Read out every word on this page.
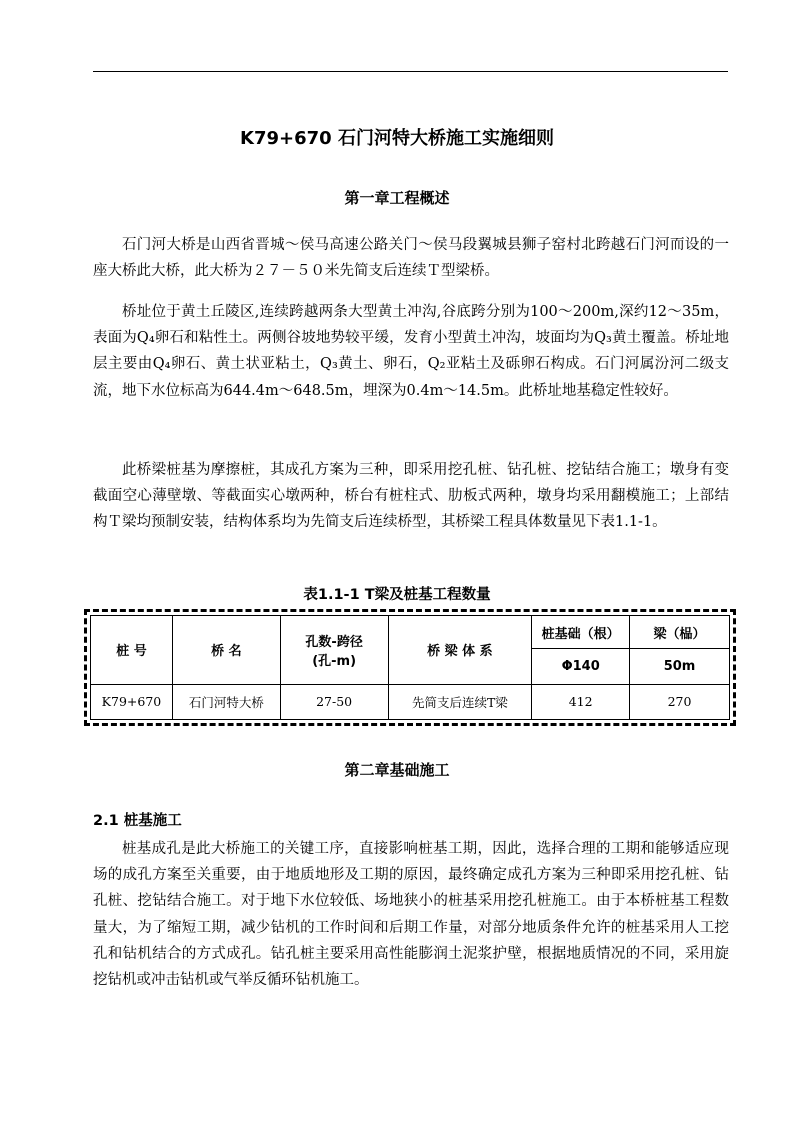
K79+670 石门河特大桥施工实施细则
第一章工程概述

石门河大桥是山西省晋城～侯马高速公路关门～侯马段翼城县狮子窑村北跨越石门河而设的一座大桥此大桥，此大桥为２７－５０米先简支后连续Ｔ型梁桥。

桥址位于黄土丘陵区,连续跨越两条大型黄土冲沟,谷底跨分别为100～200m,深约12～35m，表面为Q₄卵石和粘性土。两侧谷坡地势较平缓，发育小型黄土冲沟，坡面均为Q₃黄土覆盖。桥址地层主要由Q₄卵石、黄土状亚粘土，Q₃黄土、卵石，Q₂亚粘土及砾卵石构成。石门河属汾河二级支流，地下水位标高为644.4m～648.5m，埋深为0.4m～14.5m。此桥址地基稳定性较好。

此桥梁桩基为摩擦桩，其成孔方案为三种，即采用挖孔桩、钻孔桩、挖钻结合施工；墩身有变截面空心薄壁墩、等截面实心墩两种，桥台有桩柱式、肋板式两种，墩身均采用翻模施工；上部结构Ｔ梁均预制安装，结构体系均为先简支后连续桥型，其桥梁工程具体数量见下表1.1-1。

表1.1-1 T梁及桩基工程数量
桩 号	桥 名	孔数-跨径
(孔-m)	桥 梁 体 系	桩基础（根）	梁（榀）
				Φ140	50m
K79+670	石门河特大桥	27-50	先简支后连续T梁	412	270
第二章基础施工
2.1 桩基施工

桩基成孔是此大桥施工的关键工序，直接影响桩基工期，因此，选择合理的工期和能够适应现场的成孔方案至关重要，由于地质地形及工期的原因，最终确定成孔方案为三种即采用挖孔桩、钻孔桩、挖钻结合施工。对于地下水位较低、场地狭小的桩基采用挖孔桩施工。由于本桥桩基工程数量大，为了缩短工期，减少钻机的工作时间和后期工作量，对部分地质条件允许的桩基采用人工挖孔和钻机结合的方式成孔。钻孔桩主要采用高性能膨润土泥浆护壁，根据地质情况的不同，采用旋挖钻机或冲击钻机或气举反循环钻机施工。
